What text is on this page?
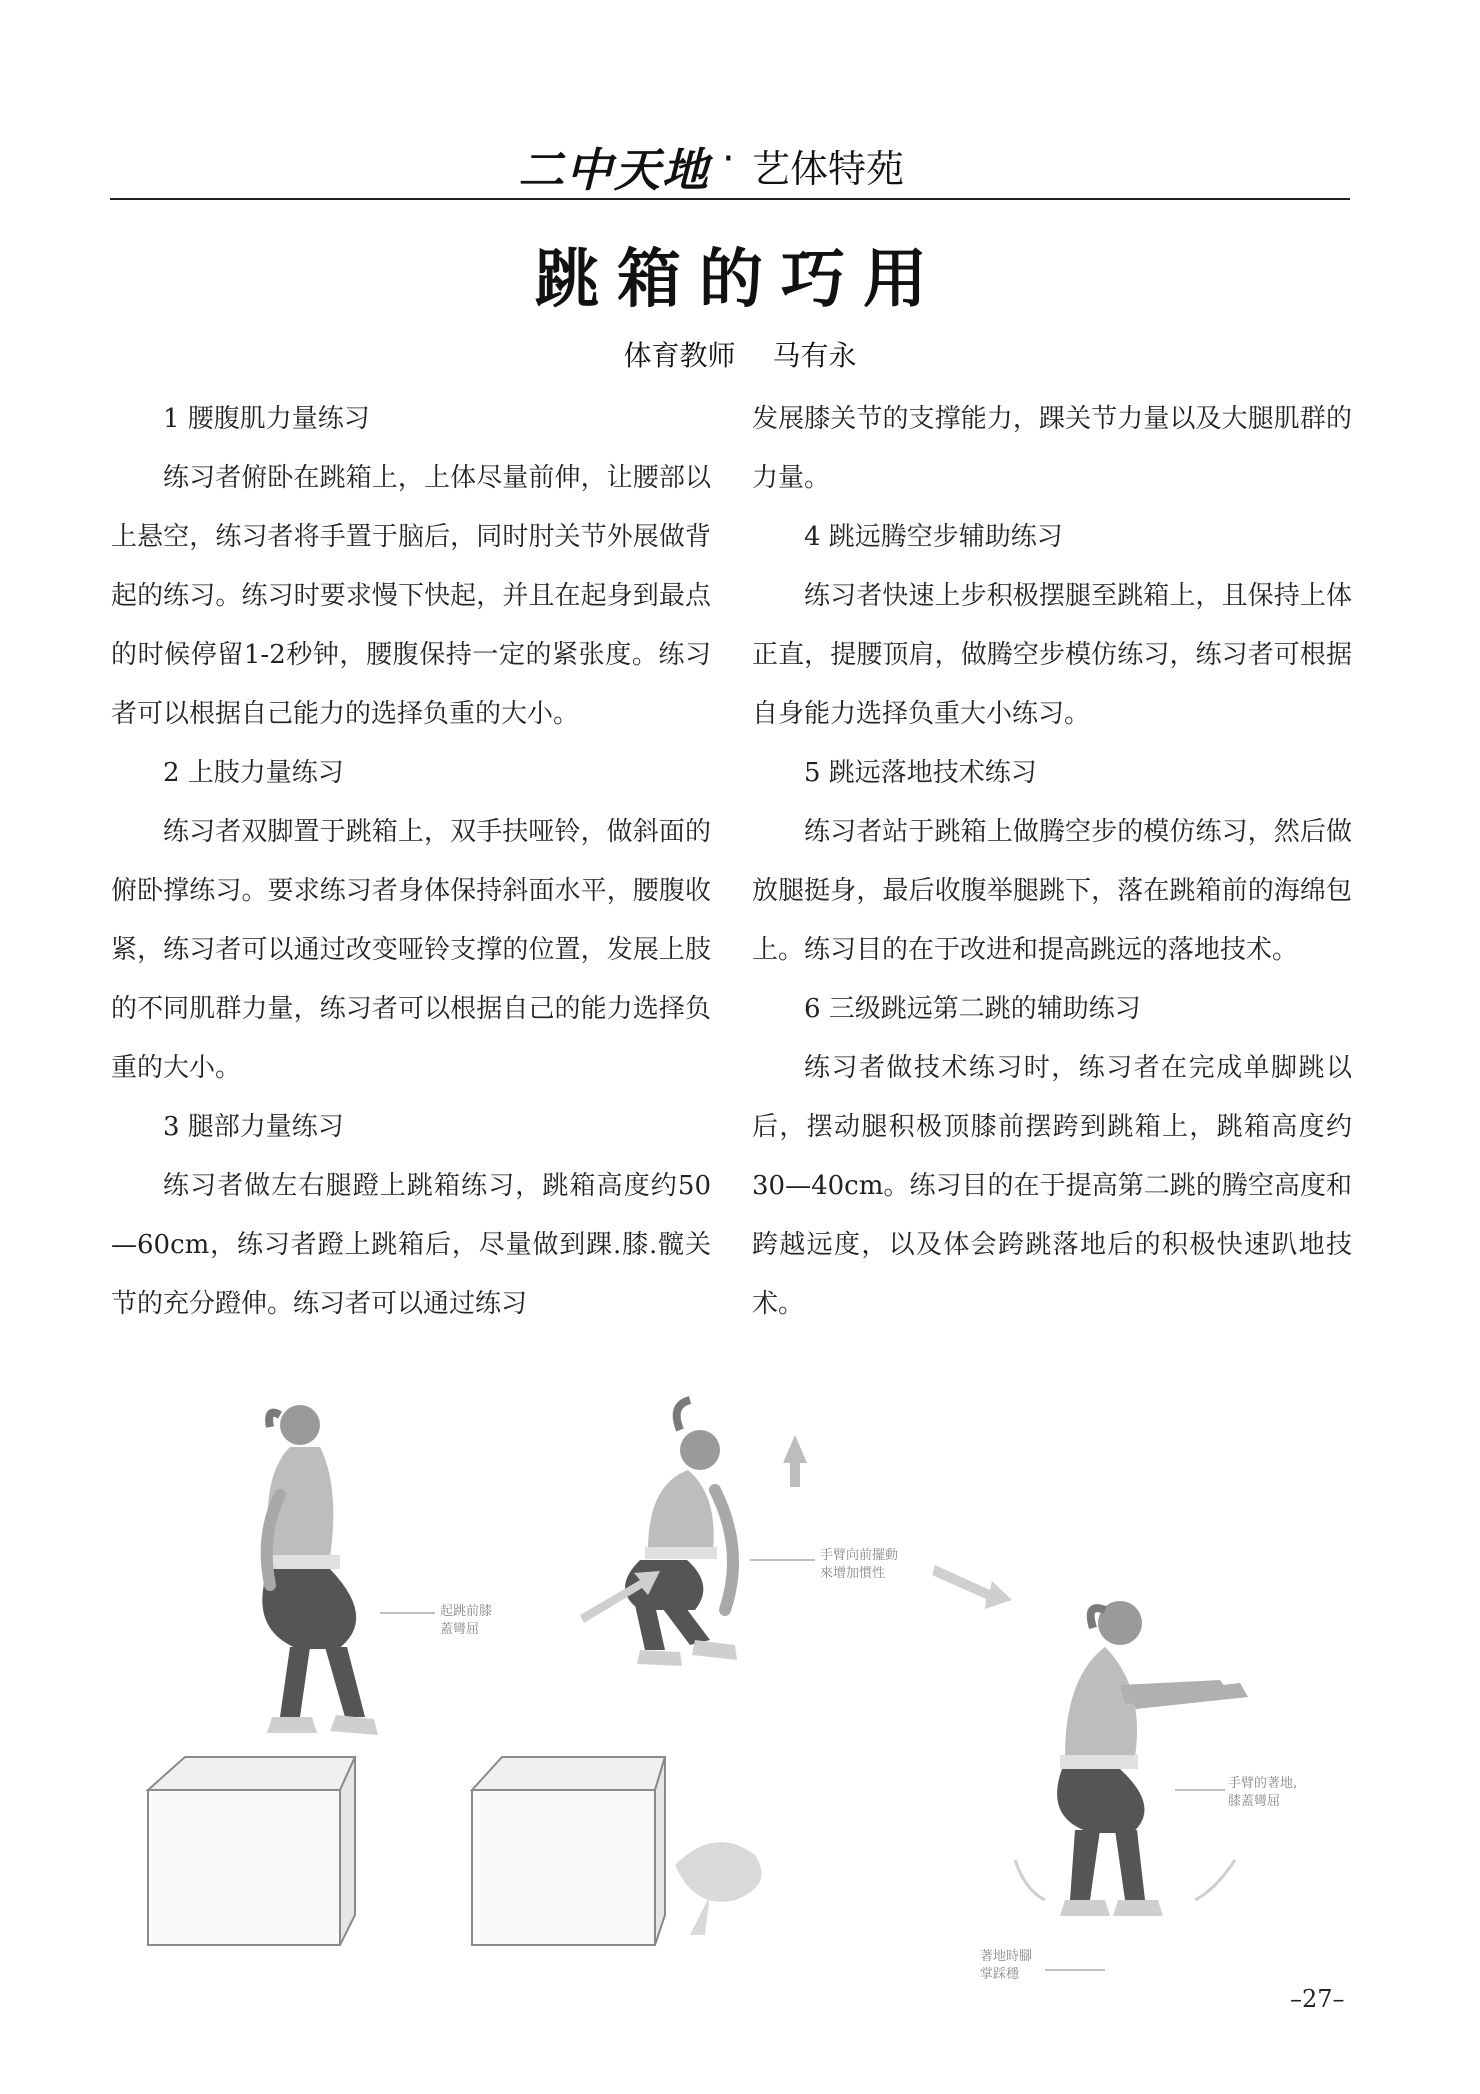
二中天地 · 艺体特苑
跳箱的巧用
体育教师 马有永

1 腰腹肌力量练习

练习者俯卧在跳箱上，上体尽量前伸，让腰部以上悬空，练习者将手置于脑后，同时肘关节外展做背起的练习。练习时要求慢下快起，并且在起身到最点的时候停留1-2秒钟，腰腹保持一定的紧张度。练习者可以根据自己能力的选择负重的大小。

2 上肢力量练习

练习者双脚置于跳箱上，双手扶哑铃，做斜面的俯卧撑练习。要求练习者身体保持斜面水平，腰腹收紧，练习者可以通过改变哑铃支撑的位置，发展上肢的不同肌群力量，练习者可以根据自己的能力选择负重的大小。

3 腿部力量练习

练习者做左右腿蹬上跳箱练习，跳箱高度约50—60cm，练习者蹬上跳箱后，尽量做到踝.膝.髋关节的充分蹬伸。练习者可以通过练习

发展膝关节的支撑能力，踝关节力量以及大腿肌群的力量。

4 跳远腾空步辅助练习

练习者快速上步积极摆腿至跳箱上，且保持上体正直，提腰顶肩，做腾空步模仿练习，练习者可根据自身能力选择负重大小练习。

5 跳远落地技术练习

练习者站于跳箱上做腾空步的模仿练习，然后做放腿挺身，最后收腹举腿跳下，落在跳箱前的海绵包上。练习目的在于改进和提高跳远的落地技术。

6 三级跳远第二跳的辅助练习

练习者做技术练习时，练习者在完成单脚跳以后，摆动腿积极顶膝前摆跨到跳箱上，跳箱高度约30—40cm。练习目的在于提高第二跳的腾空高度和跨越远度，以及体会跨跳落地后的积极快速趴地技术。

起跳前膝
蓋彎屈
手臂向前擺動
來增加慣性
手臂的著地,
膝蓋彎屈
著地時腳
掌踩穩
–27–
